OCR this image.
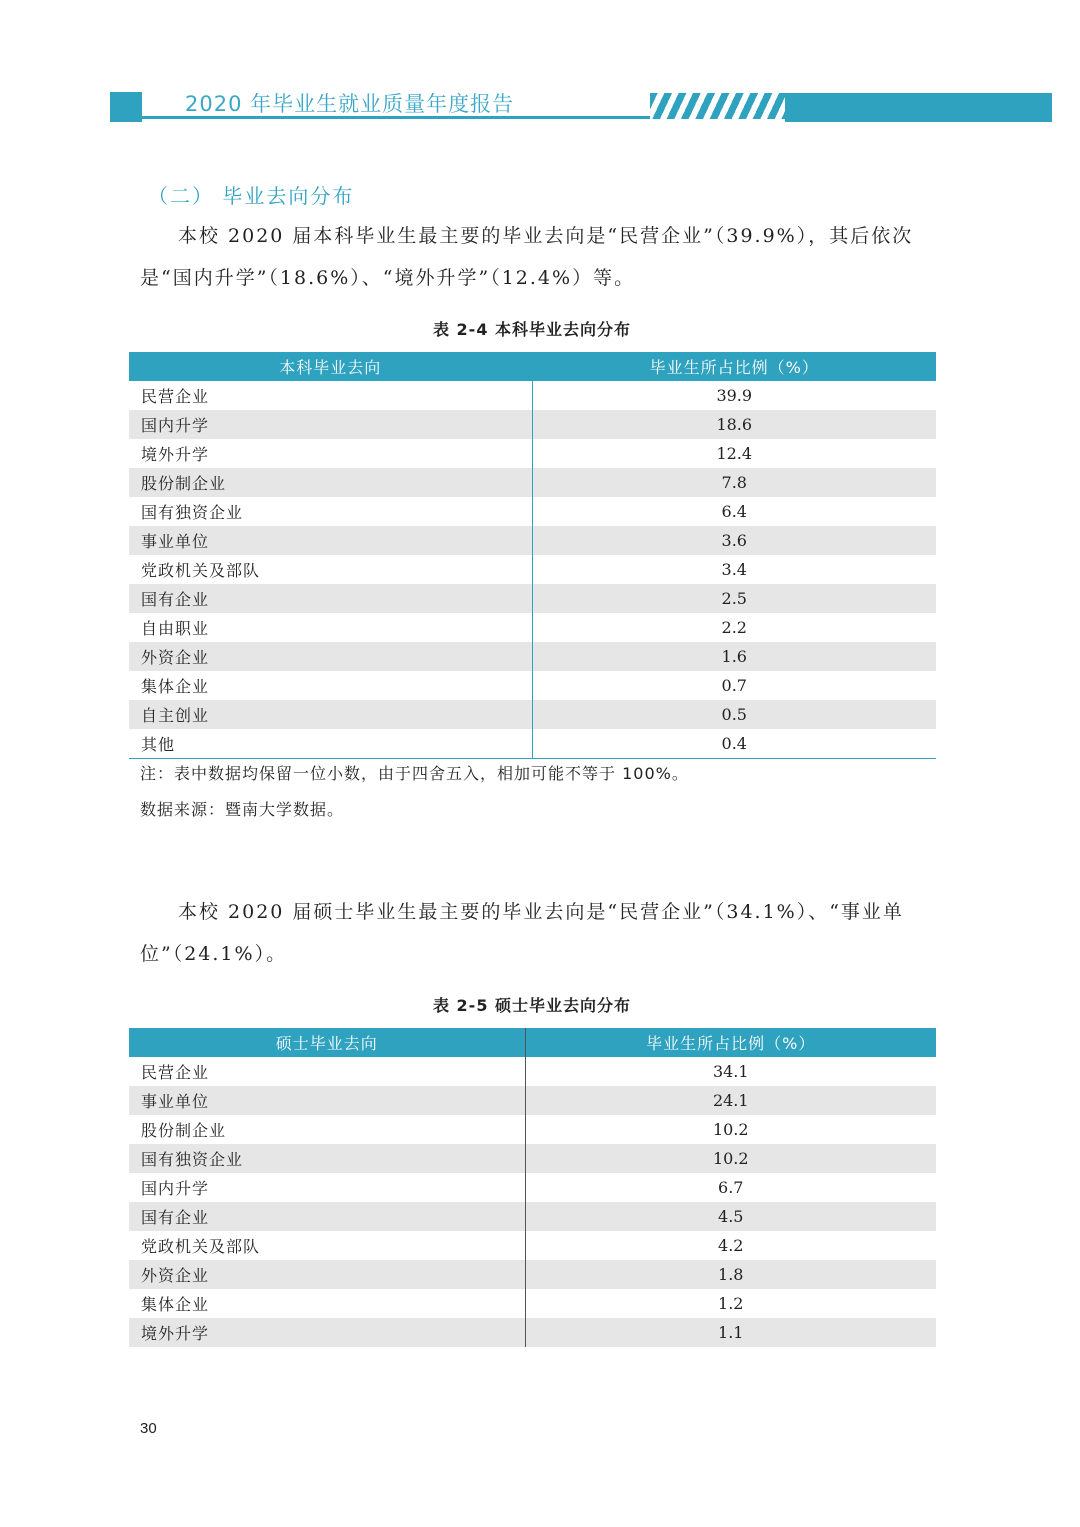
2020 年毕业生就业质量年度报告
（二） 毕业去向分布
本校 2020 届本科毕业生最主要的毕业去向是“民营企业”（39.9%），其后依次是“国内升学”（18.6%）、“境外升学”（12.4%）等。
表 2-4 本科毕业去向分布
本科毕业去向	毕业生所占比例（%）
民营企业	39.9
国内升学	18.6
境外升学	12.4
股份制企业	7.8
国有独资企业	6.4
事业单位	3.6
党政机关及部队	3.4
国有企业	2.5
自由职业	2.2
外资企业	1.6
集体企业	0.7
自主创业	0.5
其他	0.4
注：表中数据均保留一位小数，由于四舍五入，相加可能不等于 100%。
数据来源：暨南大学数据。
本校 2020 届硕士毕业生最主要的毕业去向是“民营企业”（34.1%）、“事业单位”（24.1%）。
表 2-5 硕士毕业去向分布
硕士毕业去向	毕业生所占比例（%）
民营企业	34.1
事业单位	24.1
股份制企业	10.2
国有独资企业	10.2
国内升学	6.7
国有企业	4.5
党政机关及部队	4.2
外资企业	1.8
集体企业	1.2
境外升学	1.1
30
